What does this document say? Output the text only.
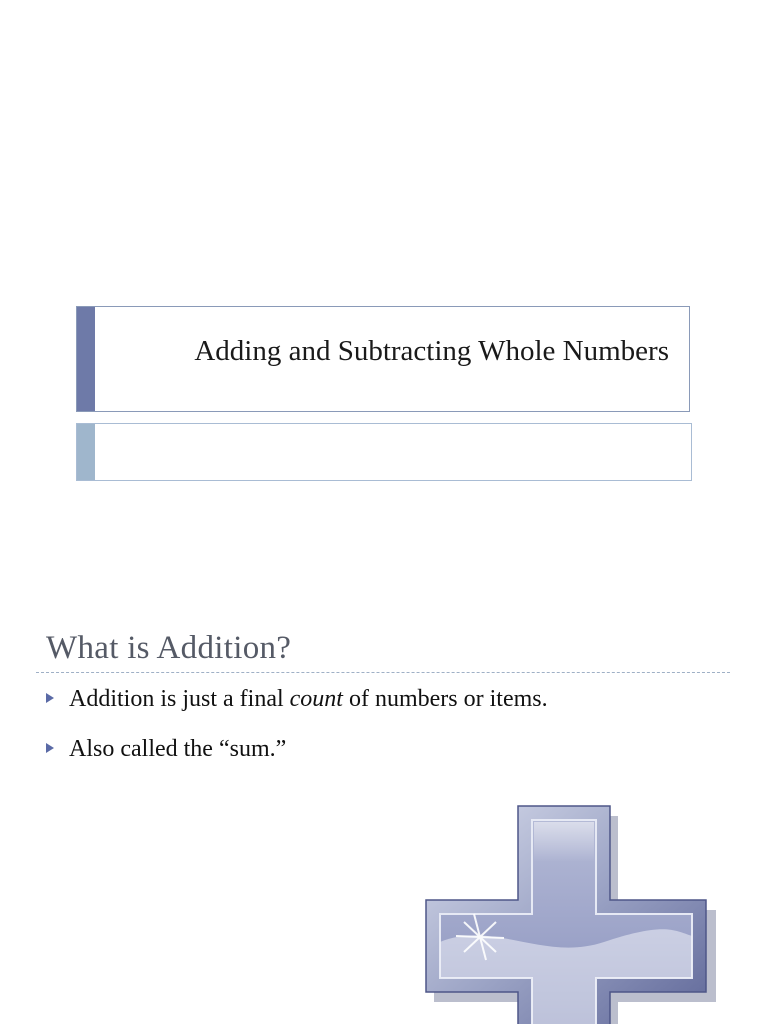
Adding and Subtracting Whole Numbers
What is Addition?
Addition is just a final count of numbers or items.
Also called the “sum.”
